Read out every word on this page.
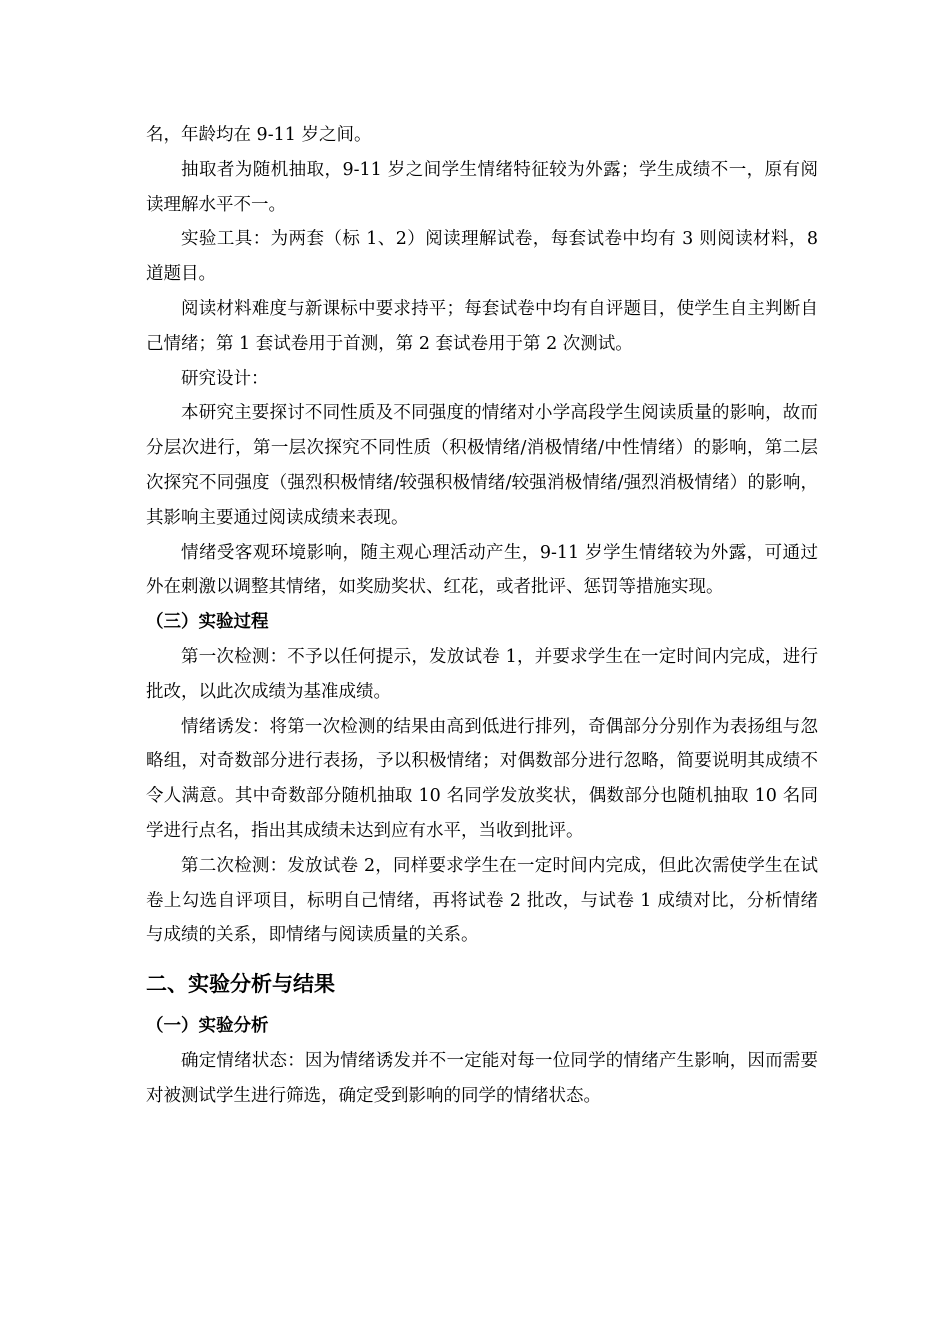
名，年龄均在 9-11 岁之间。

抽取者为随机抽取，9-11 岁之间学生情绪特征较为外露；学生成绩不一，原有阅读理解水平不一。

实验工具：为两套（标 1、2）阅读理解试卷，每套试卷中均有 3 则阅读材料，8 道题目。

阅读材料难度与新课标中要求持平；每套试卷中均有自评题目，使学生自主判断自己情绪；第 1 套试卷用于首测，第 2 套试卷用于第 2 次测试。

研究设计：

本研究主要探讨不同性质及不同强度的情绪对小学高段学生阅读质量的影响，故而分层次进行，第一层次探究不同性质（积极情绪/消极情绪/中性情绪）的影响，第二层次探究不同强度（强烈积极情绪/较强积极情绪/较强消极情绪/强烈消极情绪）的影响，其影响主要通过阅读成绩来表现。

情绪受客观环境影响，随主观心理活动产生，9-11 岁学生情绪较为外露，可通过外在刺激以调整其情绪，如奖励奖状、红花，或者批评、惩罚等措施实现。

（三）实验过程

第一次检测：不予以任何提示，发放试卷 1，并要求学生在一定时间内完成，进行批改，以此次成绩为基准成绩。

情绪诱发：将第一次检测的结果由高到低进行排列，奇偶部分分别作为表扬组与忽略组，对奇数部分进行表扬，予以积极情绪；对偶数部分进行忽略，简要说明其成绩不令人满意。其中奇数部分随机抽取 10 名同学发放奖状，偶数部分也随机抽取 10 名同学进行点名，指出其成绩未达到应有水平，当收到批评。

第二次检测：发放试卷 2，同样要求学生在一定时间内完成，但此次需使学生在试卷上勾选自评项目，标明自己情绪，再将试卷 2 批改，与试卷 1 成绩对比，分析情绪与成绩的关系，即情绪与阅读质量的关系。

二、实验分析与结果

（一）实验分析

确定情绪状态：因为情绪诱发并不一定能对每一位同学的情绪产生影响，因而需要对被测试学生进行筛选，确定受到影响的同学的情绪状态。
